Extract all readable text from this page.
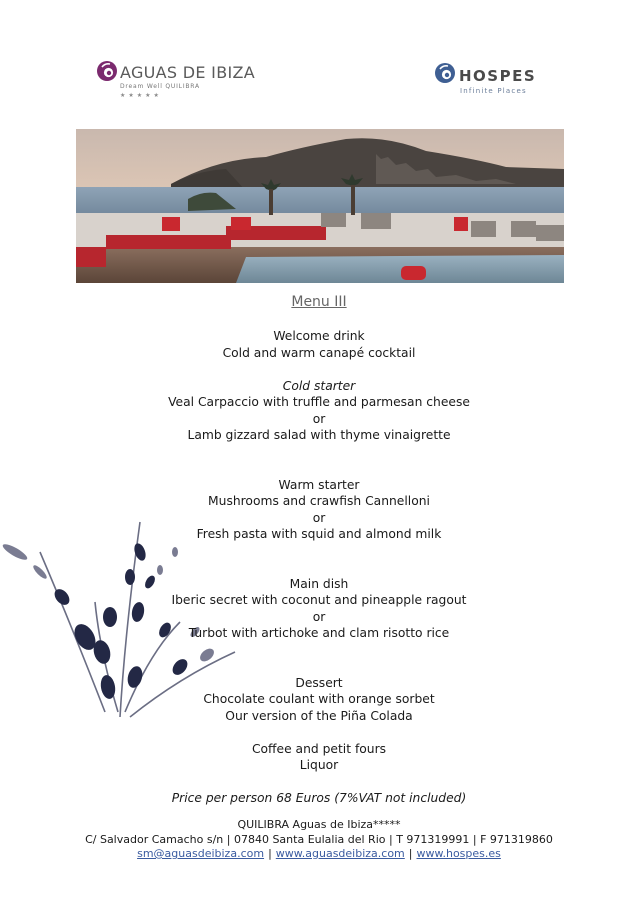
AGUAS DE IBIZA
Dream Well QUILIBRA
★★★★★
HOSPES
Infinite Places
Menu III
Welcome drink
Cold and warm canapé cocktail
Cold starter
Veal Carpaccio with truffle and parmesan cheese
or
Lamb gizzard salad with thyme vinaigrette
Warm starter
Mushrooms and crawfish Cannelloni
or
Fresh pasta with squid and almond milk
Main dish
Iberic secret with coconut and pineapple ragout
or
Turbot with artichoke and clam risotto rice
Dessert
Chocolate coulant with orange sorbet
Our version of the Piña Colada
Coffee and petit fours
Liquor
Price per person 68 Euros (7%VAT not included)
QUILIBRA Aguas de Ibiza*****
C/ Salvador Camacho s/n | 07840 Santa Eulalia del Rio | T 971319991 | F 971319860
sm@aguasdeibiza.com | www.aguasdeibiza.com | www.hospes.es
